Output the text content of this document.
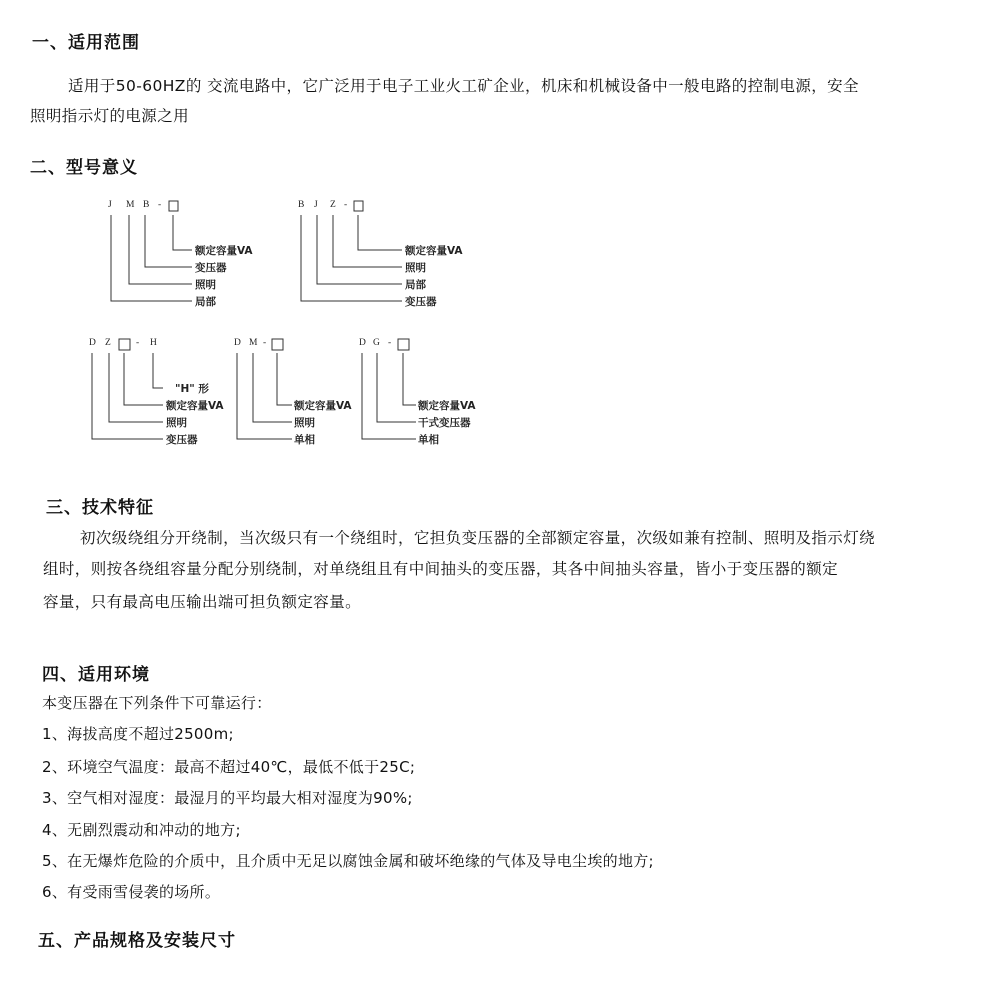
一、适用范围
适用于50-60HZ的 交流电路中，它广泛用于电子工业火工矿企业，机床和机械设备中一般电路的控制电源，安全
照明指示灯的电源之用
二、型号意义
J M B -
额定容量VA
变压器
照明
局部
B J Z -
额定容量VA
照明
局部
变压器
D Z	- H
"H" 形
额定容量VA
照明
变压器
D M -
额定容量VA
照明
单相
D G -
额定容量VA
干式变压器
单相
三、技术特征
初次级绕组分开绕制，当次级只有一个绕组时，它担负变压器的全部额定容量，次级如兼有控制、照明及指示灯绕
组时，则按各绕组容量分配分别绕制，对单绕组且有中间抽头的变压器，其各中间抽头容量，皆小于变压器的额定
容量，只有最高电压输出端可担负额定容量。
四、适用环境
本变压器在下列条件下可靠运行：
1、海拔高度不超过2500m;
2、环境空气温度：最高不超过40℃，最低不低于25C;
3、空气相对湿度：最湿月的平均最大相对湿度为90%;
4、无剧烈震动和冲动的地方;
5、在无爆炸危险的介质中，且介质中无足以腐蚀金属和破坏绝缘的气体及导电尘埃的地方;
6、有受雨雪侵袭的场所。
五、产品规格及安装尺寸
